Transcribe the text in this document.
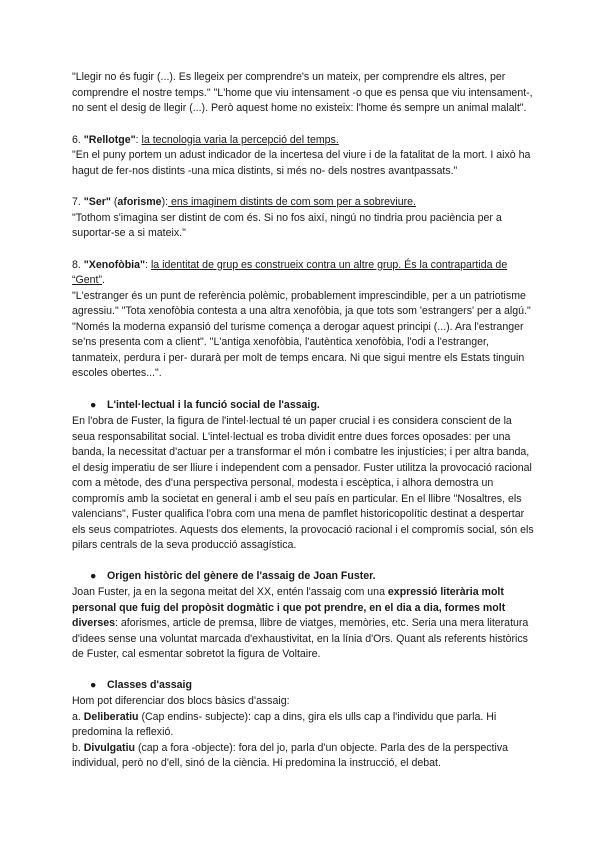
"Llegir no és fugir (...). Es llegeix per comprendre's un mateix, per comprendre els altres, per comprendre el nostre temps." "L'home que viu intensament -o que es pensa que viu intensament-, no sent el desig de llegir (...). Però aquest home no existeix: l'home és sempre un animal malalt".

6. "Rellotge": la tecnologia varia la percepció del temps.

"En el puny portem un adust indicador de la incertesa del viure i de la fatalitat de la mort. I això ha hagut de fer-nos distints -una mica distints, si més no- dels nostres avantpassats."

7. "Ser" (aforisme): ens imaginem distints de com som per a sobreviure.

"Tothom s'imagina ser distint de com és. Si no fos així, ningú no tindria prou paciència per a suportar-se a si mateix."

8. "Xenofòbia": la identitat de grup es construeix contra un altre grup. És la contrapartida de “Gent”.

"L'estranger és un punt de referència polèmic, probablement imprescindible, per a un patriotisme agressiu." "Tota xenofòbia contesta a una altra xenofòbia, ja que tots som 'estrangers' per a algú." "Només la moderna expansió del turisme comença a derogar aquest principi (...). Ara l'estranger se'ns presenta com a client". "L'antiga xenofòbia, l'autèntica xenofòbia, l'odi a l'estranger, tanmateix, perdura i per- durarà per molt de temps encara. Ni que sigui mentre els Estats tinguin escoles obertes...".

● L'intel·lectual i la funció social de l'assaig.

En l'obra de Fuster, la figura de l'intel·lectual té un paper crucial i es considera conscient de la seua responsabilitat social. L'intel·lectual es troba dividit entre dues forces oposades: per una banda, la necessitat d'actuar per a transformar el món i combatre les injustícies; i per altra banda, el desig imperatiu de ser lliure i independent com a pensador. Fuster utilitza la provocació racional com a mètode, des d'una perspectiva personal, modesta i escèptica, i alhora demostra un compromís amb la societat en general i amb el seu país en particular. En el llibre "Nosaltres, els valencians", Fuster qualifica l'obra com una mena de pamflet historicopolític destinat a despertar els seus compatriotes. Aquests dos elements, la provocació racional i el compromís social, són els pilars centrals de la seva producció assagística.

● Origen històric del gènere de l'assaig de Joan Fuster.

Joan Fuster, ja en la segona meitat del XX, entén l'assaig com una expressió literària molt personal que fuig del propòsit dogmàtic i que pot prendre, en el dia a dia, formes molt diverses: aforismes, article de premsa, llibre de viatges, memòries, etc. Seria una mera literatura d'idees sense una voluntat marcada d'exhaustivitat, en la línia d'Ors. Quant als referents històrics de Fuster, cal esmentar sobretot la figura de Voltaire.

● Classes d'assaig

Hom pot diferenciar dos blocs bàsics d'assaig:

a. Deliberatiu (Cap endins- subjecte): cap a dins, gira els ulls cap a l'individu que parla. Hi predomina la reflexió.

b. Divulgatiu (cap a fora -objecte): fora del jo, parla d'un objecte. Parla des de la perspectiva individual, però no d'ell, sinó de la ciència. Hi predomina la instrucció, el debat.
